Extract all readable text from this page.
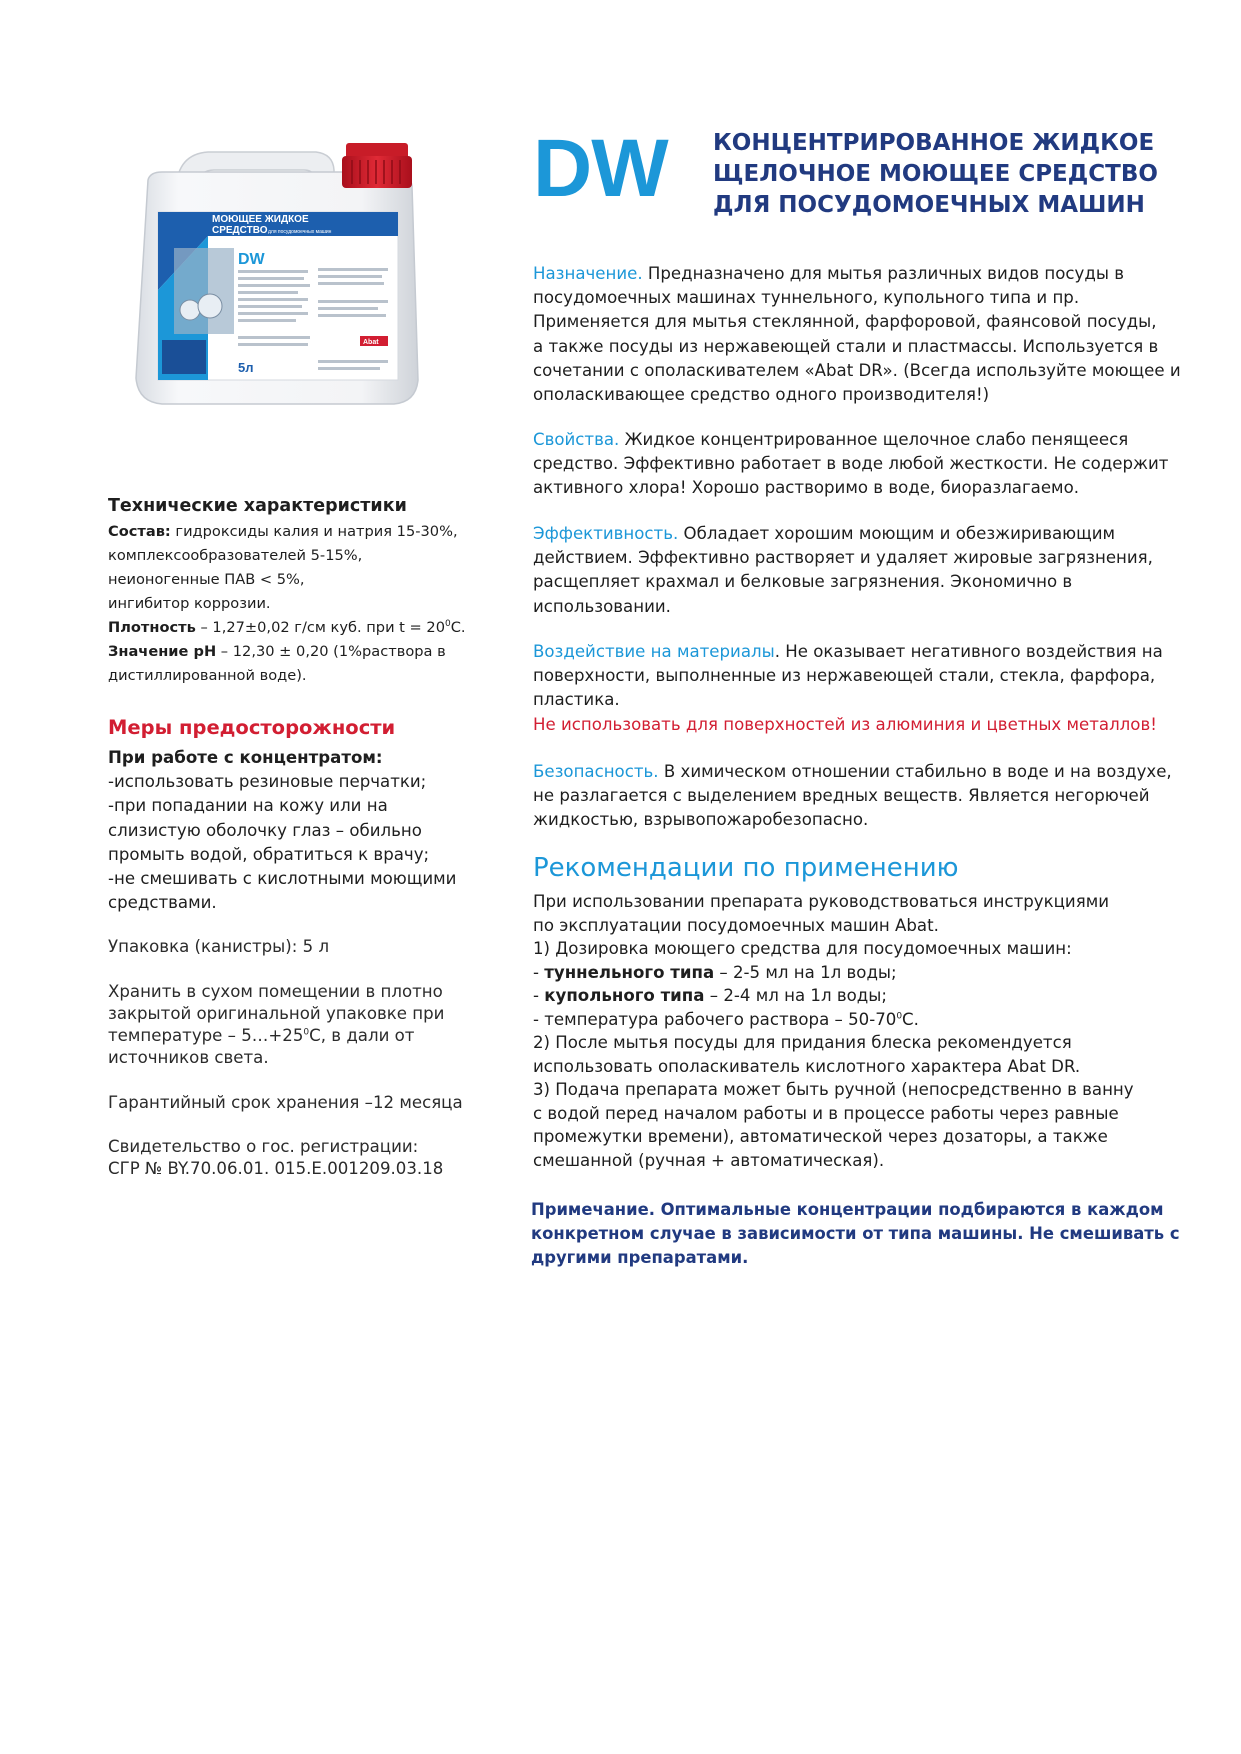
МОЮЩЕЕ ЖИДКОЕ
СРЕДСТВО для посудомоечных машин
DW
5л
Abat
DW КОНЦЕНТРИРОВАННОЕ ЖИДКОЕ
ЩЕЛОЧНОЕ МОЮЩЕЕ СРЕДСТВО
ДЛЯ ПОСУДОМОЕЧНЫХ МАШИН
Назначение. Предназначено для мытья различных видов посуды в
посудомоечных машинах туннельного, купольного типа и пр.
Применяется для мытья стеклянной, фарфоровой, фаянсовой посуды,
а также посуды из нержавеющей стали и пластмассы. Используется в
сочетании с ополаскивателем «Abat DR». (Всегда используйте моющее и
ополаскивающее средство одного производителя!)
Свойства. Жидкое концентрированное щелочное слабо пенящееся
средство. Эффективно работает в воде любой жесткости. Не содержит
активного хлора! Хорошо растворимо в воде, биоразлагаемо.
Эффективность. Обладает хорошим моющим и обезжиривающим
действием. Эффективно растворяет и удаляет жировые загрязнения,
расщепляет крахмал и белковые загрязнения. Экономично в
использовании.
Воздействие на материалы. Не оказывает негативного воздействия на
поверхности, выполненные из нержавеющей стали, стекла, фарфора,
пластика.
Не использовать для поверхностей из алюминия и цветных металлов!
Безопасность. В химическом отношении стабильно в воде и на воздухе,
не разлагается с выделением вредных веществ. Является негорючей
жидкостью, взрывопожаробезопасно.
Рекомендации по применению
При использовании препарата руководствоваться инструкциями
по эксплуатации посудомоечных машин Abat.
1) Дозировка моющего средства для посудомоечных машин:
- туннельного типа – 2-5 мл на 1л воды;
- купольного типа – 2-4 мл на 1л воды;
- температура рабочего раствора – $50-70^0С$.
2) После мытья посуды для придания блеска рекомендуется
использовать ополаскиватель кислотного характера Abat DR.
3) Подача препарата может быть ручной (непосредственно в ванну
с водой перед началом работы и в процессе работы через равные
промежутки времени), автоматической через дозаторы, а также
смешанной (ручная + автоматическая).
Примечание. Оптимальные концентрации подбираются в каждом
конкретном случае в зависимости от типа машины. Не смешивать с
другими препаратами.
Технические характеристики
Состав: гидроксиды калия и натрия 15-30%,
комплексообразователей 5-15%,
неионогенные ПАВ < 5%,
ингибитор коррозии.
Плотность – 1,27±0,02 г/см куб. при $t = 20^0С$.
Значение pH – 12,30 ± 0,20 (1%раствора в
дистиллированной воде).
Меры предосторожности
При работе с концентратом:
-использовать резиновые перчатки;
-при попадании на кожу или на
слизистую оболочку глаз – обильно
промыть водой, обратиться к врачу;
-не смешивать с кислотными моющими
средствами.
Упаковка (канистры): 5 л
Хранить в сухом помещении в плотно
закрытой оригинальной упаковке при
температуре – $5\dots+25^0С$, в дали от
источников света.
Гарантийный срок хранения –12 месяца
Свидетельство о гос. регистрации:
СГР № BY.70.06.01. 015.E.001209.03.18
